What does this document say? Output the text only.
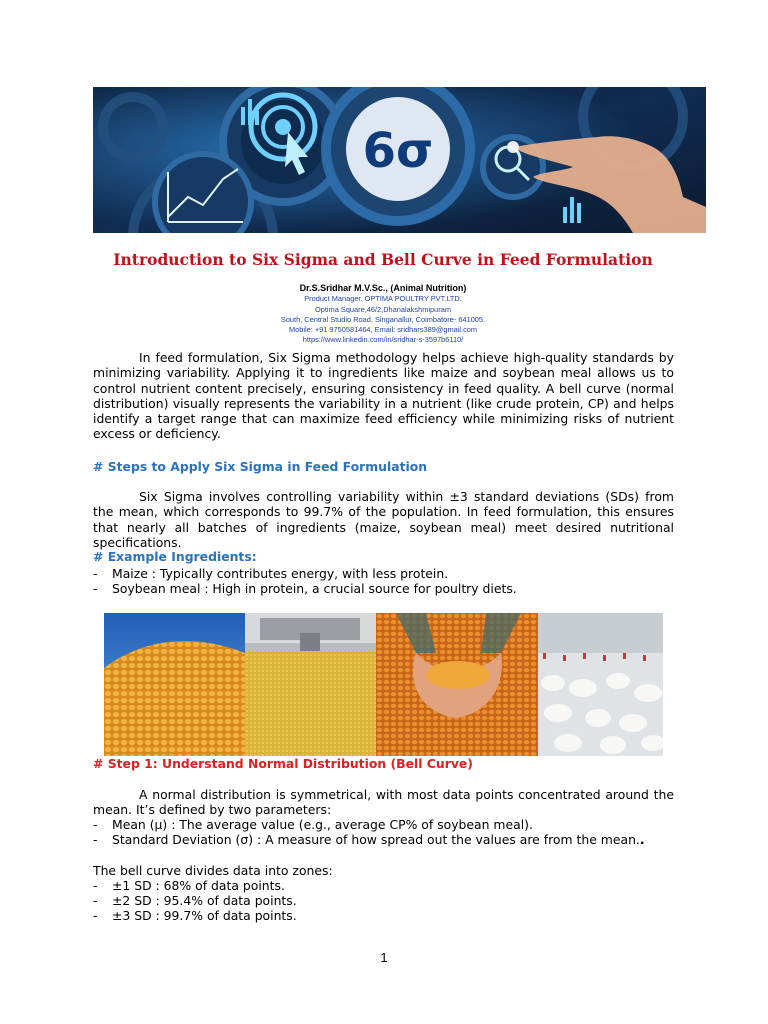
6σ
Introduction to Six Sigma and Bell Curve in Feed Formulation
Dr.S.Sridhar M.V.Sc., (Animal Nutrition)
Product Manager, OPTIMA POULTRY PVT.LTD.
Optima Square,46/2,Dhanalakshmipuram
South, Central Studio Road, Singanallur, Coimbatore- 641005.
Mobile: +91 9750581464, Email: sridhars389@gmail.com
https://www.linkedin.com/in/sridhar-s-3597b6110/

In feed formulation, Six Sigma methodology helps achieve high-quality standards by minimizing variability. Applying it to ingredients like maize and soybean meal allows us to control nutrient content precisely, ensuring consistency in feed quality. A bell curve (normal distribution) visually represents the variability in a nutrient (like crude protein, CP) and helps identify a target range that can maximize feed efficiency while minimizing risks of nutrient excess or deficiency.

# Steps to Apply Six Sigma in Feed Formulation

Six Sigma involves controlling variability within ±3 standard deviations (SDs) from the mean, which corresponds to 99.7% of the population. In feed formulation, this ensures that nearly all batches of ingredients (maize, soybean meal) meet desired nutritional specifications.

# Example Ingredients:

- Maize : Typically contributes energy, with less protein.

- Soybean meal : High in protein, a crucial source for poultry diets.

# Step 1: Understand Normal Distribution (Bell Curve)

A normal distribution is symmetrical, with most data points concentrated around the mean. It’s defined by two parameters:

- Mean (μ) : The average value (e.g., average CP% of soybean meal).

- Standard Deviation (σ) : A measure of how spread out the values are from the mean..

The bell curve divides data into zones:

- ±1 SD : 68% of data points.

- ±2 SD : 95.4% of data points.

- ±3 SD : 99.7% of data points.

1
